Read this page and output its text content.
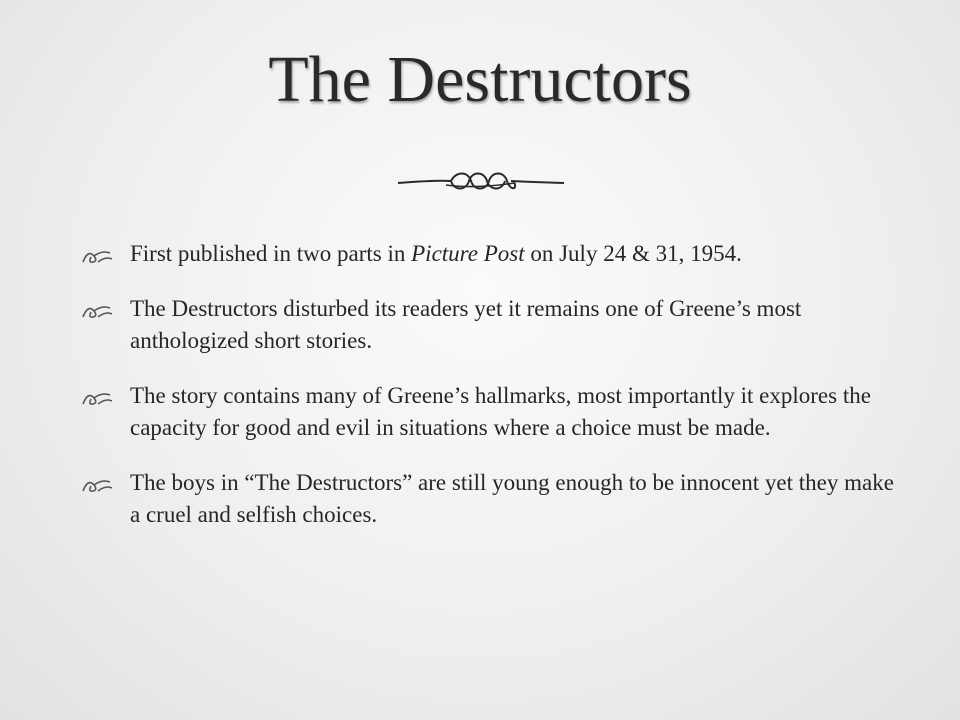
The Destructors
First published in two parts in Picture Post on July 24 & 31, 1954.
The Destructors disturbed its readers yet it remains one of Greene’s most anthologized short stories.
The story contains many of Greene’s hallmarks, most importantly it explores the capacity for good and evil in situations where a choice must be made.
The boys in “The Destructors” are still young enough to be innocent yet they make a cruel and selfish choices.
